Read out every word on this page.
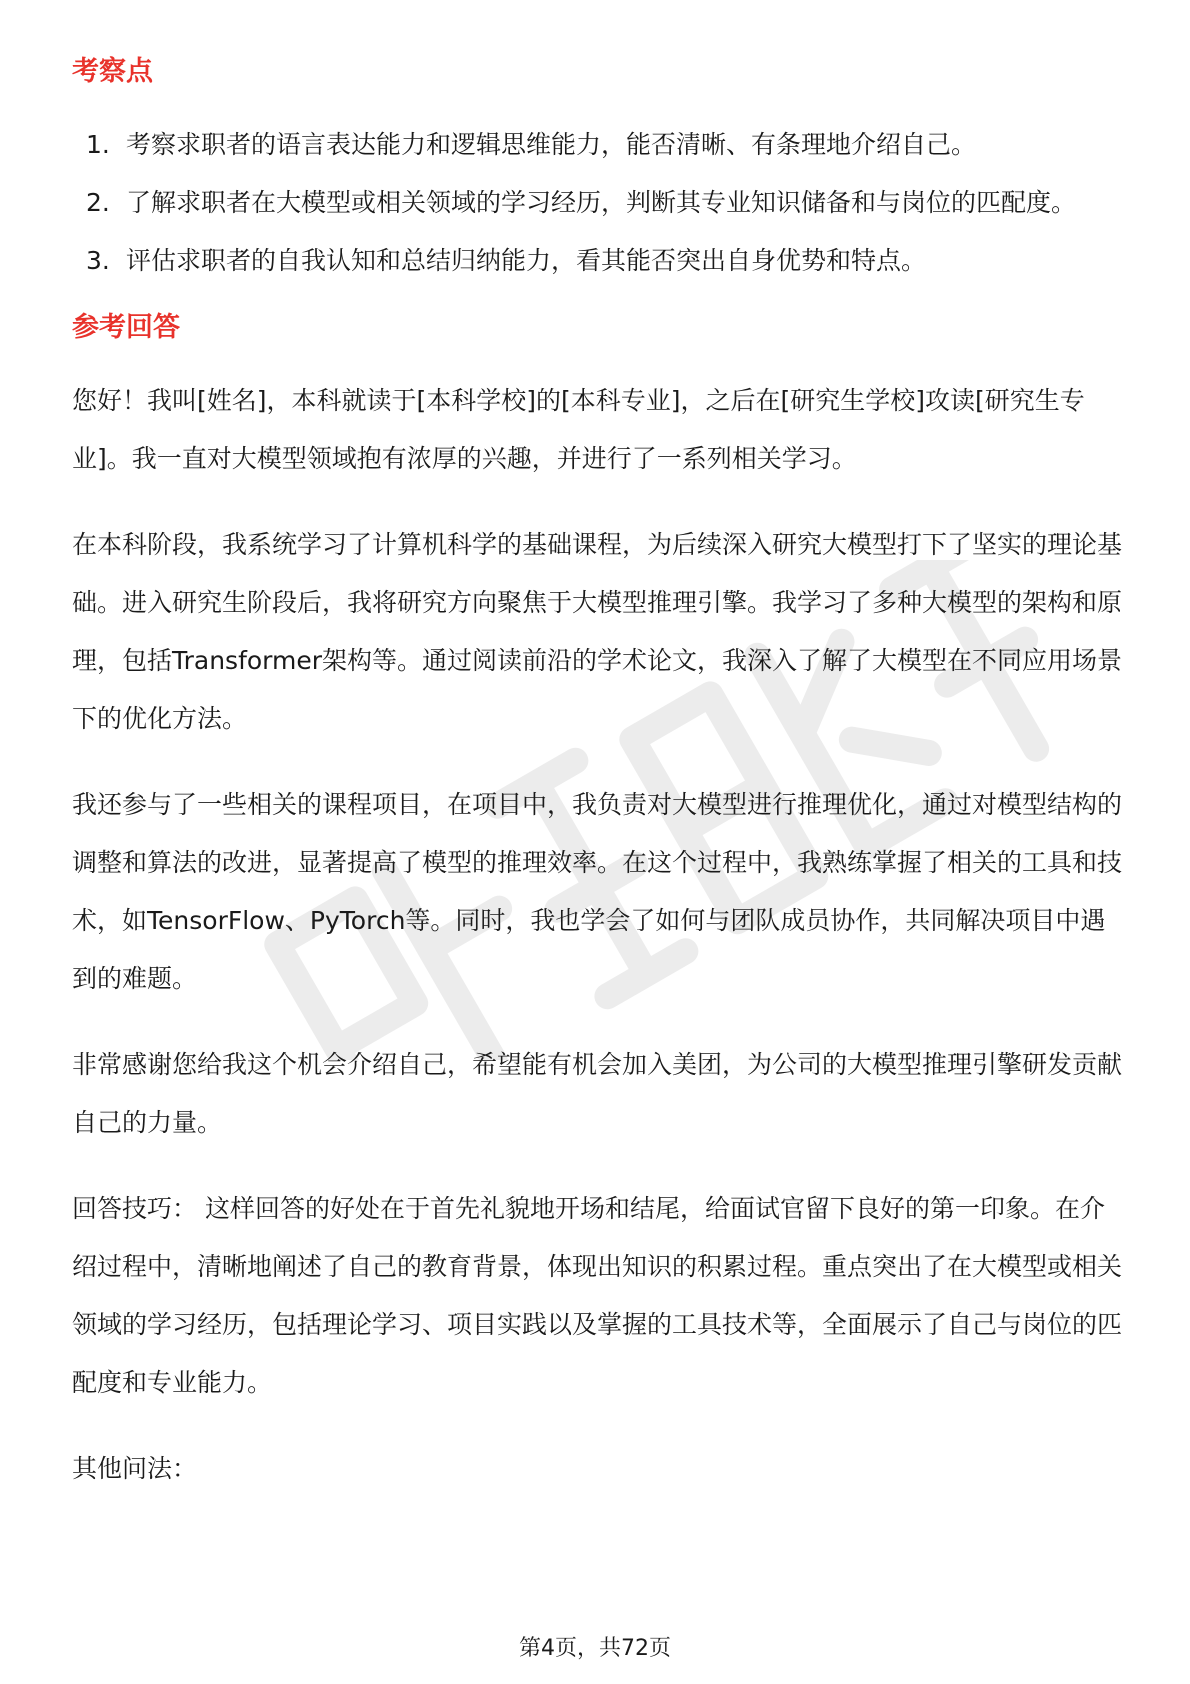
考察点
1. 考察求职者的语言表达能力和逻辑思维能力，能否清晰、有条理地介绍自己。
2. 了解求职者在大模型或相关领域的学习经历，判断其专业知识储备和与岗位的匹配度。
3. 评估求职者的自我认知和总结归纳能力，看其能否突出自身优势和特点。
参考回答

您好！我叫[姓名]，本科就读于[本科学校]的[本科专业]，之后在[研究生学校]攻读[研究生专业]。我一直对大模型领域抱有浓厚的兴趣，并进行了一系列相关学习。

在本科阶段，我系统学习了计算机科学的基础课程，为后续深入研究大模型打下了坚实的理论基础。进入研究生阶段后，我将研究方向聚焦于大模型推理引擎。我学习了多种大模型的架构和原理，包括Transformer架构等。通过阅读前沿的学术论文，我深入了解了大模型在不同应用场景下的优化方法。

我还参与了一些相关的课程项目，在项目中，我负责对大模型进行推理优化，通过对模型结构的调整和算法的改进，显著提高了模型的推理效率。在这个过程中，我熟练掌握了相关的工具和技术，如TensorFlow、PyTorch等。同时，我也学会了如何与团队成员协作，共同解决项目中遇到的难题。

非常感谢您给我这个机会介绍自己，希望能有机会加入美团，为公司的大模型推理引擎研发贡献自己的力量。

回答技巧： 这样回答的好处在于首先礼貌地开场和结尾，给面试官留下良好的第一印象。在介绍过程中，清晰地阐述了自己的教育背景，体现出知识的积累过程。重点突出了在大模型或相关领域的学习经历，包括理论学习、项目实践以及掌握的工具技术等，全面展示了自己与岗位的匹配度和专业能力。

其他问法：

第4页，共72页
